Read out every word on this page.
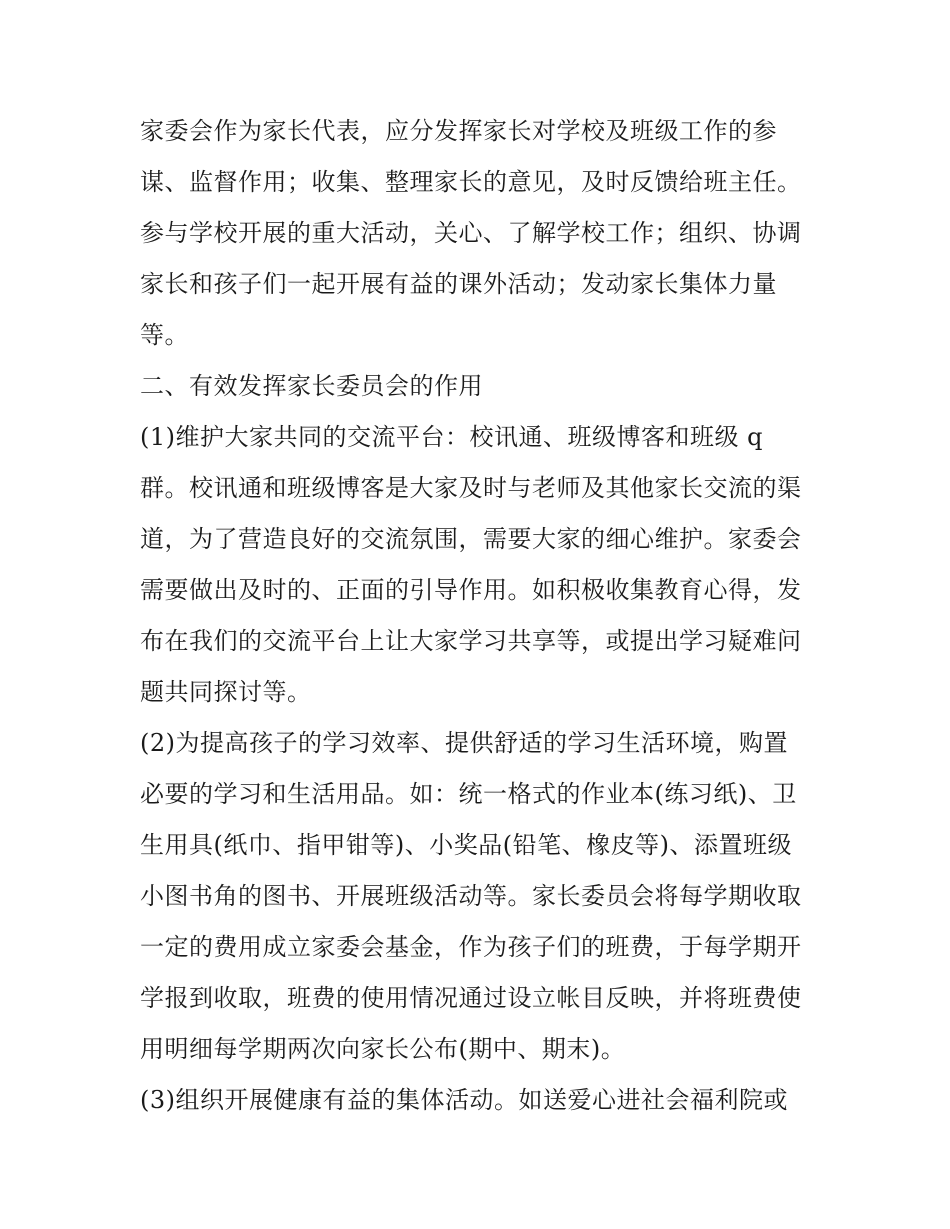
家委会作为家长代表，应分发挥家长对学校及班级工作的参
谋、监督作用；收集、整理家长的意见，及时反馈给班主任。
参与学校开展的重大活动，关心、了解学校工作；组织、协调
家长和孩子们一起开展有益的课外活动；发动家长集体力量
等。
二、有效发挥家长委员会的作用
(1)维护大家共同的交流平台：校讯通、班级博客和班级 q
群。校讯通和班级博客是大家及时与老师及其他家长交流的渠
道，为了营造良好的交流氛围，需要大家的细心维护。家委会
需要做出及时的、正面的引导作用。如积极收集教育心得，发
布在我们的交流平台上让大家学习共享等，或提出学习疑难问
题共同探讨等。
(2)为提高孩子的学习效率、提供舒适的学习生活环境，购置
必要的学习和生活用品。如：统一格式的作业本(练习纸)、卫
生用具(纸巾、指甲钳等)、小奖品(铅笔、橡皮等)、添置班级
小图书角的图书、开展班级活动等。家长委员会将每学期收取
一定的费用成立家委会基金，作为孩子们的班费，于每学期开
学报到收取，班费的使用情况通过设立帐目反映，并将班费使
用明细每学期两次向家长公布(期中、期末)。
(3)组织开展健康有益的集体活动。如送爱心进社会福利院或
